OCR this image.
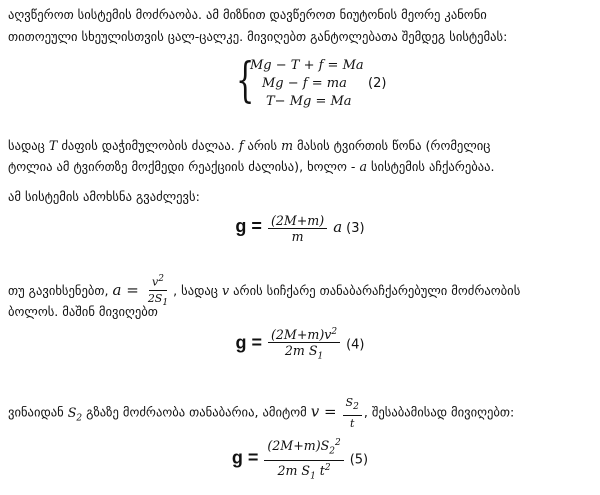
აღვწეროთ სისტემის მოძრაობა. ამ მიზნით დავწეროთ ნიუტონის მეორე კანონი
თითოეული სხეულისთვის ცალ-ცალკე. მივიღებთ განტოლებათა შემდეგ სისტემას:
{
Mg − T + f = Ma
Mg − f = ma
T− Mg = Ma
(2)
სადაც T ძაფის დაჭიმულობის ძალაა. f არის m მასის ტვირთის წონა (რომელიც
ტოლია ამ ტვირთზე მოქმედი რეაქციის ძალისა), ხოლო - a სისტემის აჩქარებაა.
ამ სისტემის ამოხსნა გვაძლევს:
$g = \frac{(2M+m)}{m}$ a (3)
თუ გავიხსენებთ, $a = \frac{v^2}{2S_1}$ , სადაც v არის სიჩქარე თანაბარაჩქარებული მოძრაობის
ბოლოს. მაშინ მივიღებთ
$g = \frac{(2M+m)v^2}{2m S_1} (4)$
ვინაიდან $S_2$ გზაზე მოძრაობა თანაბარია, ამიტომ $v = \frac{S_2}{t}$ , შესაბამისად მივიღებთ:
$g = \frac{(2M+m)S_2^2}{2m S_1 t^2} (5)$
